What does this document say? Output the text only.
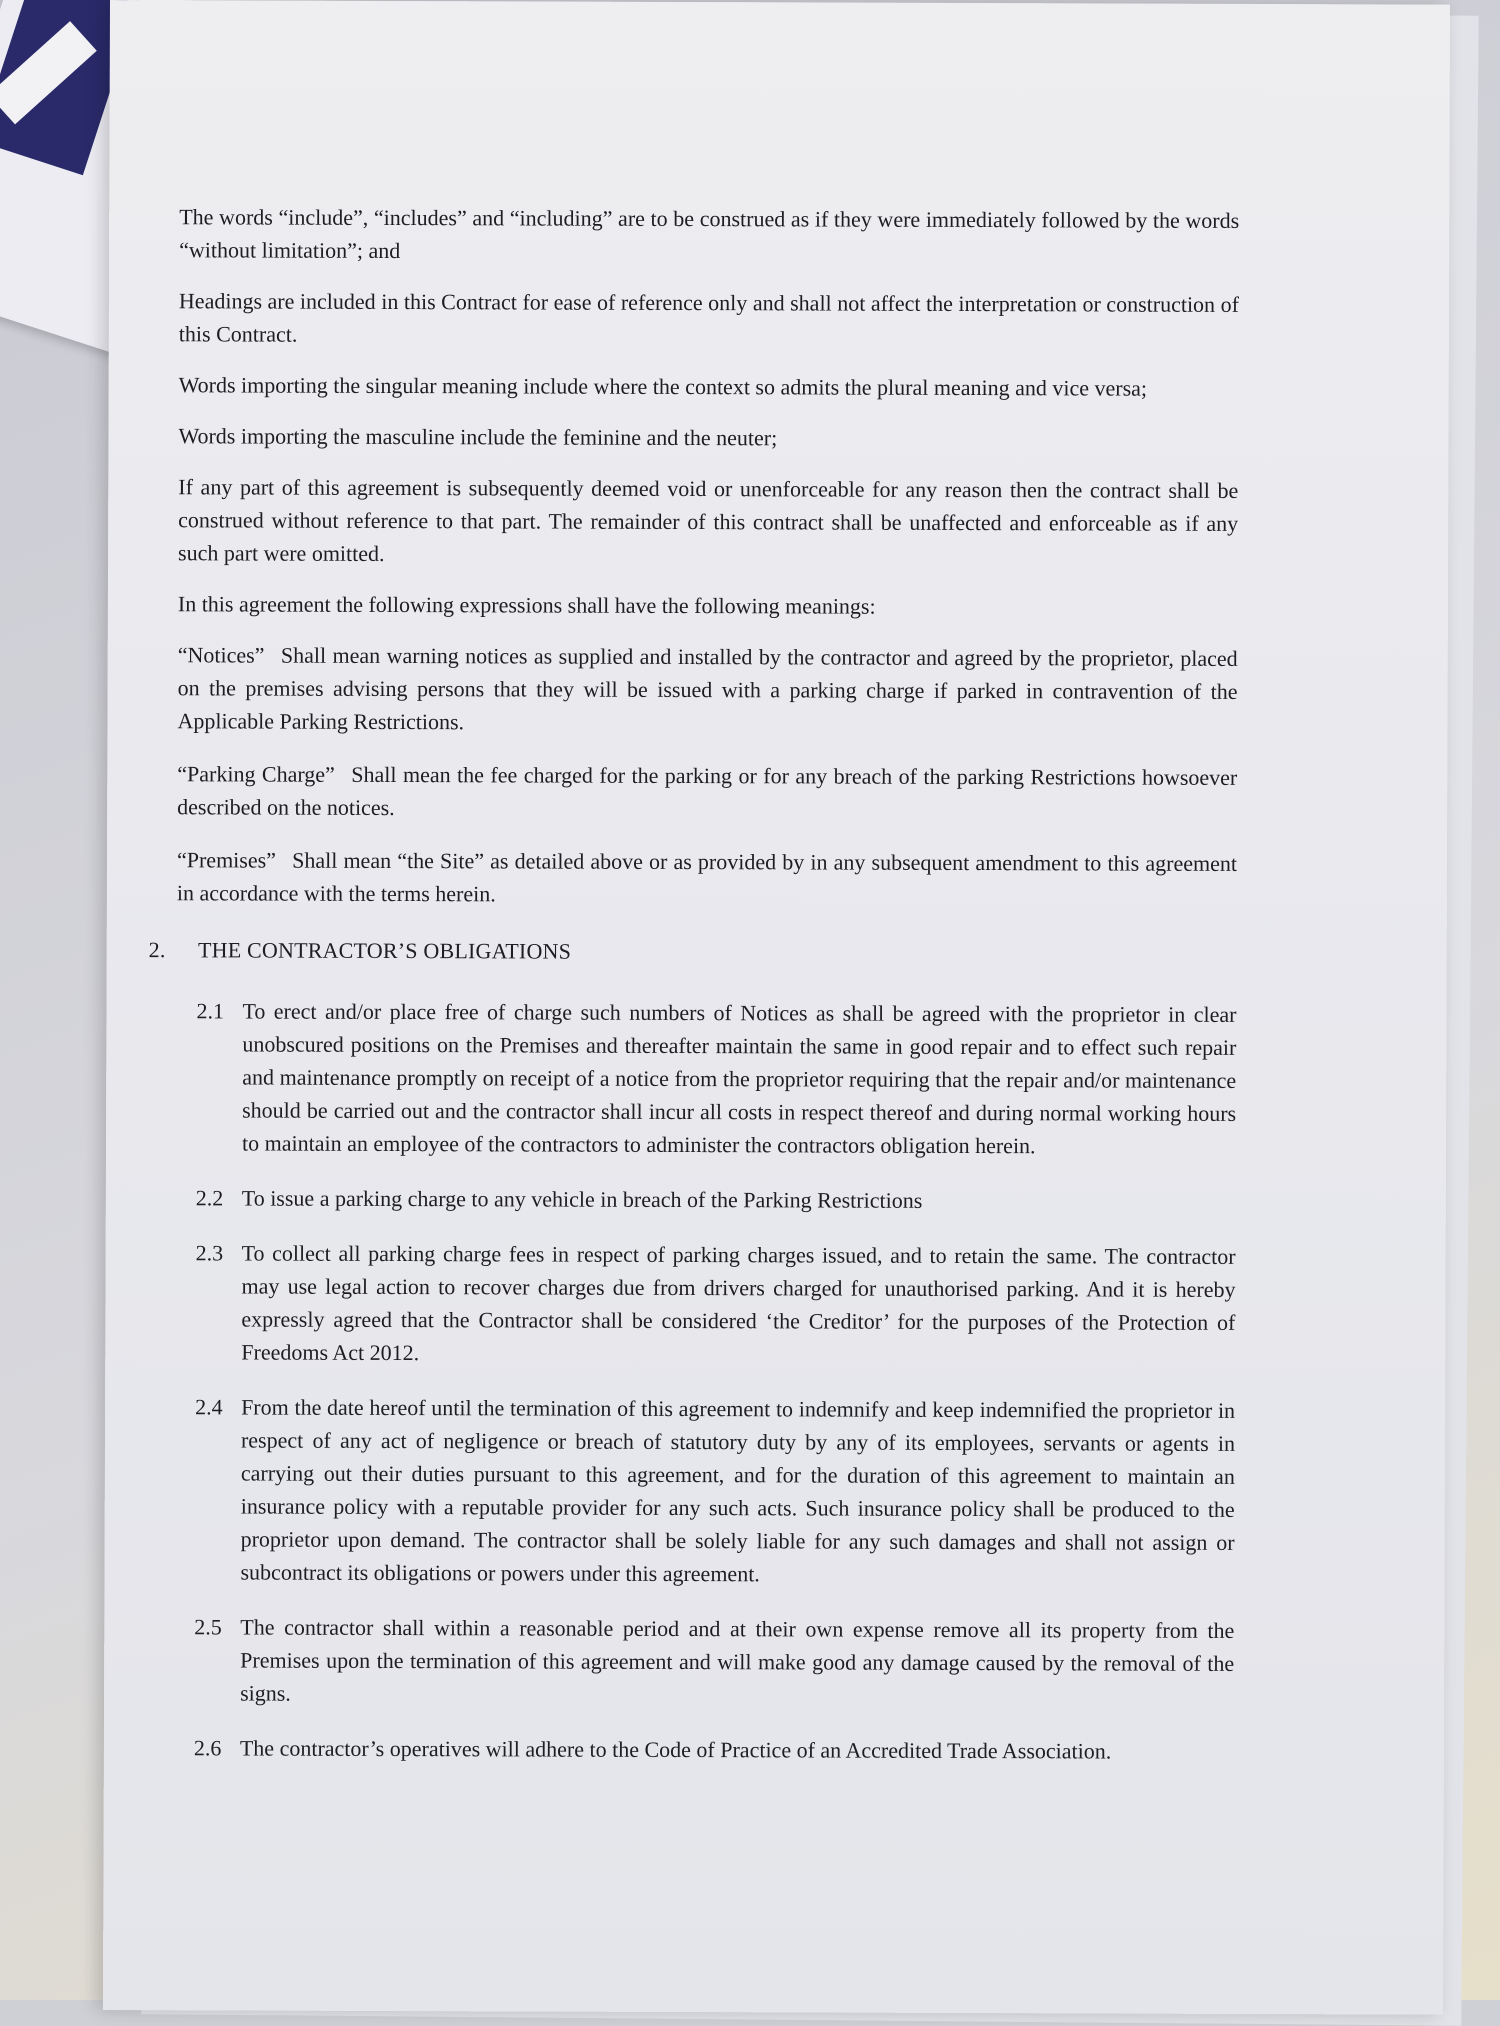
The words “include”, “includes” and “including” are to be construed as if they were immediately followed by the words “without limitation”; and

Headings are included in this Contract for ease of reference only and shall not affect the interpretation or construction of this Contract.

Words importing the singular meaning include where the context so admits the plural meaning and vice versa;

Words importing the masculine include the feminine and the neuter;

If any part of this agreement is subsequently deemed void or unenforceable for any reason then the contract shall be construed without reference to that part. The remainder of this contract shall be unaffected and enforceable as if any such part were omitted.

In this agreement the following expressions shall have the following meanings:

“Notices” Shall mean warning notices as supplied and installed by the contractor and agreed by the proprietor, placed on the premises advising persons that they will be issued with a parking charge if parked in contravention of the Applicable Parking Restrictions.

“Parking Charge” Shall mean the fee charged for the parking or for any breach of the parking Restrictions howsoever described on the notices.

“Premises” Shall mean “the Site” as detailed above or as provided by in any subsequent amendment to this agreement in accordance with the terms herein.

2. THE CONTRACTOR’S OBLIGATIONS
2.1 To erect and/or place free of charge such numbers of Notices as shall be agreed with the proprietor in clear unobscured positions on the Premises and thereafter maintain the same in good repair and to effect such repair and maintenance promptly on receipt of a notice from the proprietor requiring that the repair and/or maintenance should be carried out and the contractor shall incur all costs in respect thereof and during normal working hours to maintain an employee of the contractors to administer the contractors obligation herein.
2.2 To issue a parking charge to any vehicle in breach of the Parking Restrictions
2.3 To collect all parking charge fees in respect of parking charges issued, and to retain the same. The contractor may use legal action to recover charges due from drivers charged for unauthorised parking. And it is hereby expressly agreed that the Contractor shall be considered ‘the Creditor’ for the purposes of the Protection of Freedoms Act 2012.
2.4 From the date hereof until the termination of this agreement to indemnify and keep indemnified the proprietor in respect of any act of negligence or breach of statutory duty by any of its employees, servants or agents in carrying out their duties pursuant to this agreement, and for the duration of this agreement to maintain an insurance policy with a reputable provider for any such acts. Such insurance policy shall be produced to the proprietor upon demand. The contractor shall be solely liable for any such damages and shall not assign or subcontract its obligations or powers under this agreement.
2.5 The contractor shall within a reasonable period and at their own expense remove all its property from the Premises upon the termination of this agreement and will make good any damage caused by the removal of the signs.
2.6 The contractor’s operatives will adhere to the Code of Practice of an Accredited Trade Association.
